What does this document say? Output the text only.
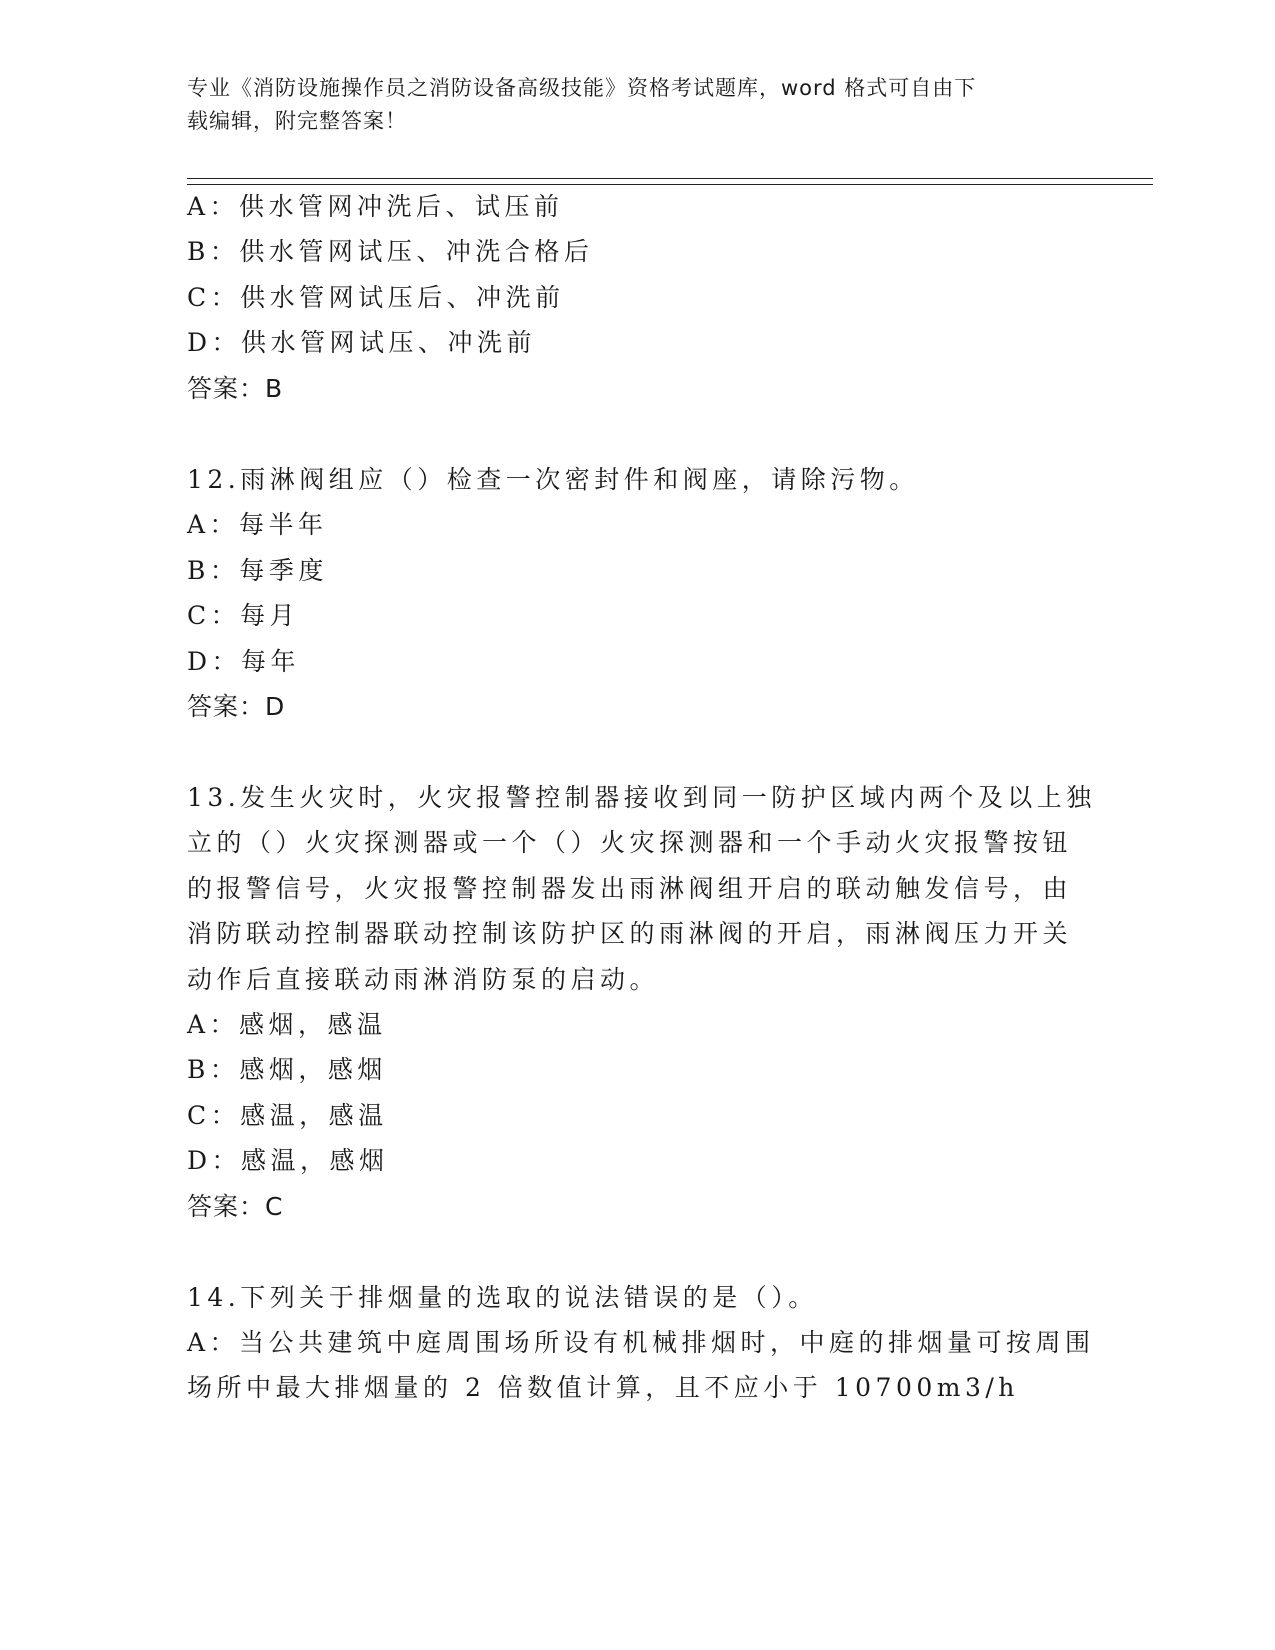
专业《消防设施操作员之消防设备高级技能》资格考试题库，word 格式可自由下
载编辑，附完整答案！
A：供水管网冲洗后、试压前
B：供水管网试压、冲洗合格后
C：供水管网试压后、冲洗前
D：供水管网试压、冲洗前
答案：B
12.雨淋阀组应（）检查一次密封件和阀座，请除污物。
A：每半年
B：每季度
C：每月
D：每年
答案：D
13.发生火灾时，火灾报警控制器接收到同一防护区域内两个及以上独
立的（）火灾探测器或一个（）火灾探测器和一个手动火灾报警按钮
的报警信号，火灾报警控制器发出雨淋阀组开启的联动触发信号，由
消防联动控制器联动控制该防护区的雨淋阀的开启，雨淋阀压力开关
动作后直接联动雨淋消防泵的启动。
A：感烟，感温
B：感烟，感烟
C：感温，感温
D：感温，感烟
答案：C
14.下列关于排烟量的选取的说法错误的是（）。
A：当公共建筑中庭周围场所设有机械排烟时，中庭的排烟量可按周围
场所中最大排烟量的 2 倍数值计算，且不应小于 10700m3/h
